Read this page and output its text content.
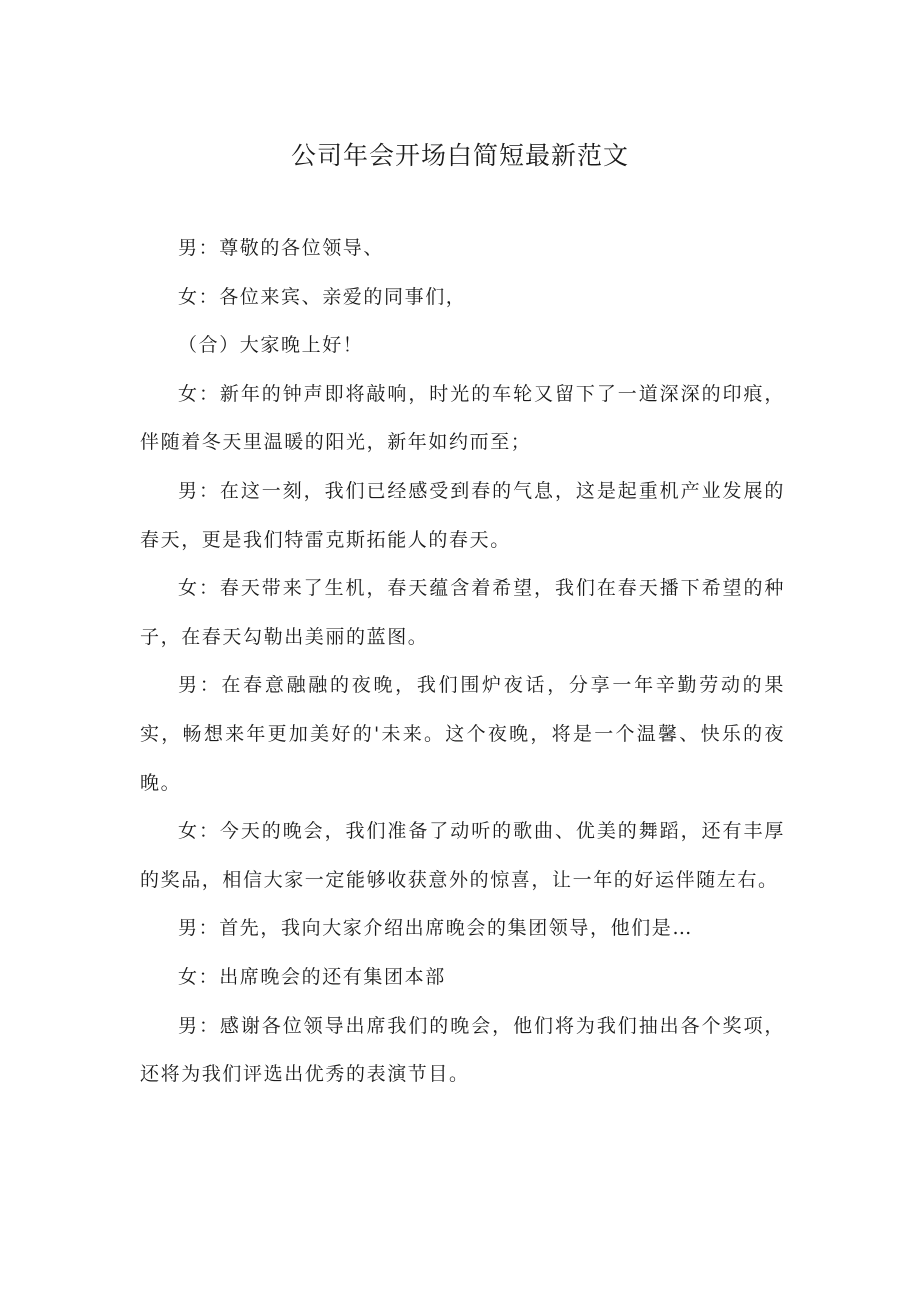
公司年会开场白简短最新范文

男：尊敬的各位领导、

女：各位来宾、亲爱的同事们，

（合）大家晚上好！

女：新年的钟声即将敲响，时光的车轮又留下了一道深深的印痕，伴随着冬天里温暖的阳光，新年如约而至；

男：在这一刻，我们已经感受到春的气息，这是起重机产业发展的春天，更是我们特雷克斯拓能人的春天。

女：春天带来了生机，春天蕴含着希望，我们在春天播下希望的种子，在春天勾勒出美丽的蓝图。

男：在春意融融的夜晚，我们围炉夜话，分享一年辛勤劳动的果实，畅想来年更加美好的'未来。这个夜晚，将是一个温馨、快乐的夜晚。

女：今天的晚会，我们准备了动听的歌曲、优美的舞蹈，还有丰厚的奖品，相信大家一定能够收获意外的惊喜，让一年的好运伴随左右。

男：首先，我向大家介绍出席晚会的集团领导，他们是…

女：出席晚会的还有集团本部

男：感谢各位领导出席我们的晚会，他们将为我们抽出各个奖项，还将为我们评选出优秀的表演节目。
